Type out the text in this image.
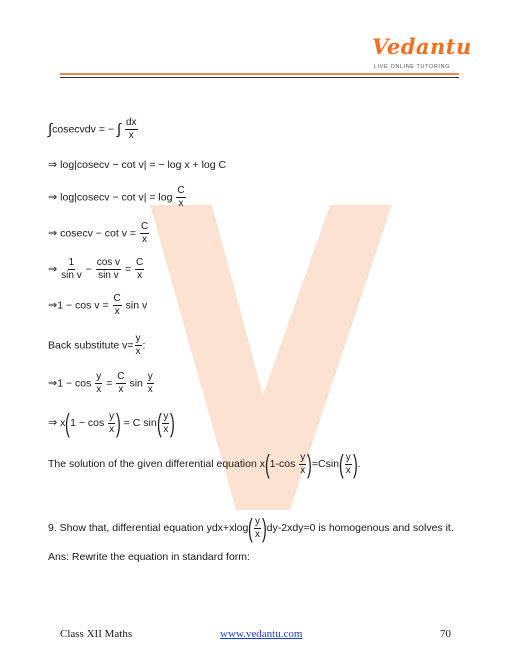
Vedantu
LIVE ONLINE TUTORING
∫cosecvdv = − ∫ $\frac{dx}{x}$
⇒ log|cosecv − cot v| = − log x + log C
⇒ $\log|cosecv - \cot v| = \log \frac{C}{x}$
⇒ $cosecv - \cot v = \frac{C}{x}$
⇒ $\frac{1}{\text{sin v}} - \frac{\text{cos v}}{\text{sin v}} = \frac{C}{x}$
⇒1 − $\cos v = \frac{C}{x}$ sin v
Back substitute $v= \frac{y}{x}$ :
⇒1 − $\cos \frac{y}{x} = \frac{C}{x}$ $\sin \frac{y}{x}$
⇒ $x(1 - \cos \frac{y}{x}$ ) = C $\sin( \frac{y}{x}$ )
The solution of the given differential equation $x(1-\cos \frac{y}{x} )=Csin( \frac{y}{x}$ ).
9. Show that, differential equation $ydx+xlog( \frac{y}{x} )dy-2xdy=0$ is homogenous and solves it.
Ans: Rewrite the equation in standard form:
Class XII Maths	www.vedantu.com	70
